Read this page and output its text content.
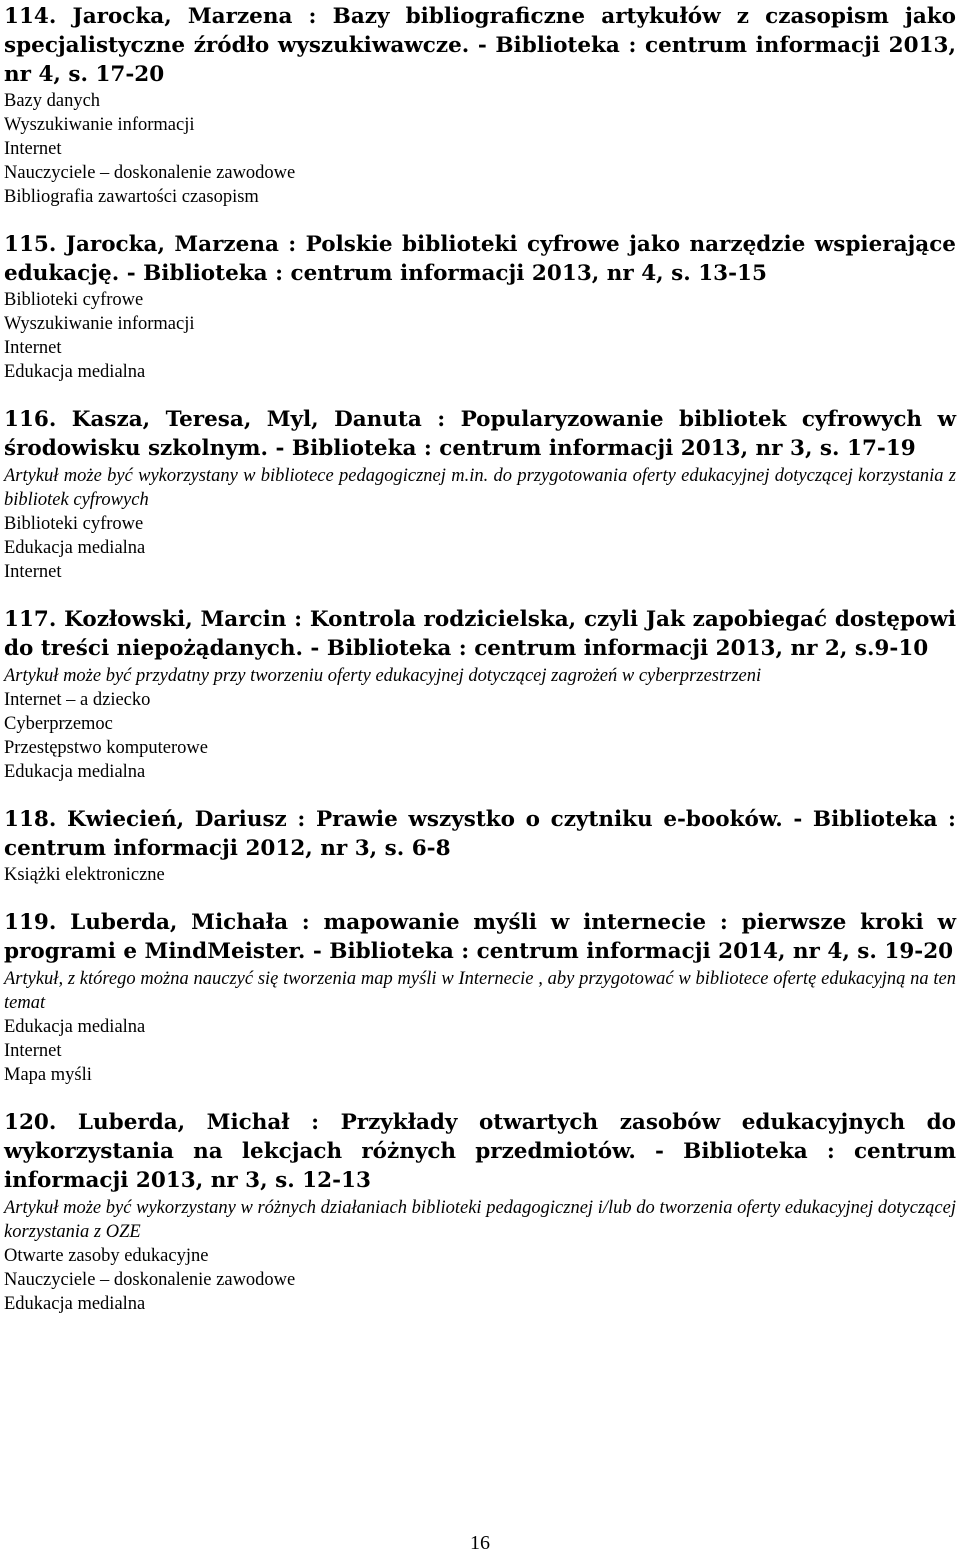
114. Jarocka, Marzena : Bazy bibliograficzne artykułów z czasopism jako specjalistyczne źródło wyszukiwawcze. - Biblioteka : centrum informacji 2013, nr 4, s. 17-20

Bazy danych
Wyszukiwanie informacji
Internet
Nauczyciele – doskonalenie zawodowe
Bibliografia zawartości czasopism

115. Jarocka, Marzena : Polskie biblioteki cyfrowe jako narzędzie wspierające edukację. - Biblioteka : centrum informacji 2013, nr 4, s. 13-15

Biblioteki cyfrowe
Wyszukiwanie informacji
Internet
Edukacja medialna

116. Kasza, Teresa, Myl, Danuta : Popularyzowanie bibliotek cyfrowych w środowisku szkolnym. - Biblioteka : centrum informacji 2013, nr 3, s. 17-19

Artykuł może być wykorzystany w bibliotece pedagogicznej m.in. do przygotowania oferty edukacyjnej dotyczącej korzystania z bibliotek cyfrowych

Biblioteki cyfrowe
Edukacja medialna
Internet

117. Kozłowski, Marcin : Kontrola rodzicielska, czyli Jak zapobiegać dostępowi do treści niepożądanych. - Biblioteka : centrum informacji 2013, nr 2, s.9-10

Artykuł może być przydatny przy tworzeniu oferty edukacyjnej dotyczącej zagrożeń w cyberprzestrzeni

Internet – a dziecko
Cyberprzemoc
Przestępstwo komputerowe
Edukacja medialna

118. Kwiecień, Dariusz : Prawie wszystko o czytniku e-booków. - Biblioteka : centrum informacji 2012, nr 3, s. 6-8

Książki elektroniczne

119. Luberda, Michała : mapowanie myśli w internecie : pierwsze kroki w programi e MindMeister. - Biblioteka : centrum informacji 2014, nr 4, s. 19-20

Artykuł, z którego można nauczyć się tworzenia map myśli w Internecie , aby przygotować w bibliotece ofertę edukacyjną na ten temat

Edukacja medialna
Internet
Mapa myśli

120. Luberda, Michał : Przykłady otwartych zasobów edukacyjnych do wykorzystania na lekcjach różnych przedmiotów. - Biblioteka : centrum informacji 2013, nr 3, s. 12-13

Artykuł może być wykorzystany w różnych działaniach biblioteki pedagogicznej i/lub do tworzenia oferty edukacyjnej dotyczącej korzystania z OZE

Otwarte zasoby edukacyjne
Nauczyciele – doskonalenie zawodowe
Edukacja medialna
16
